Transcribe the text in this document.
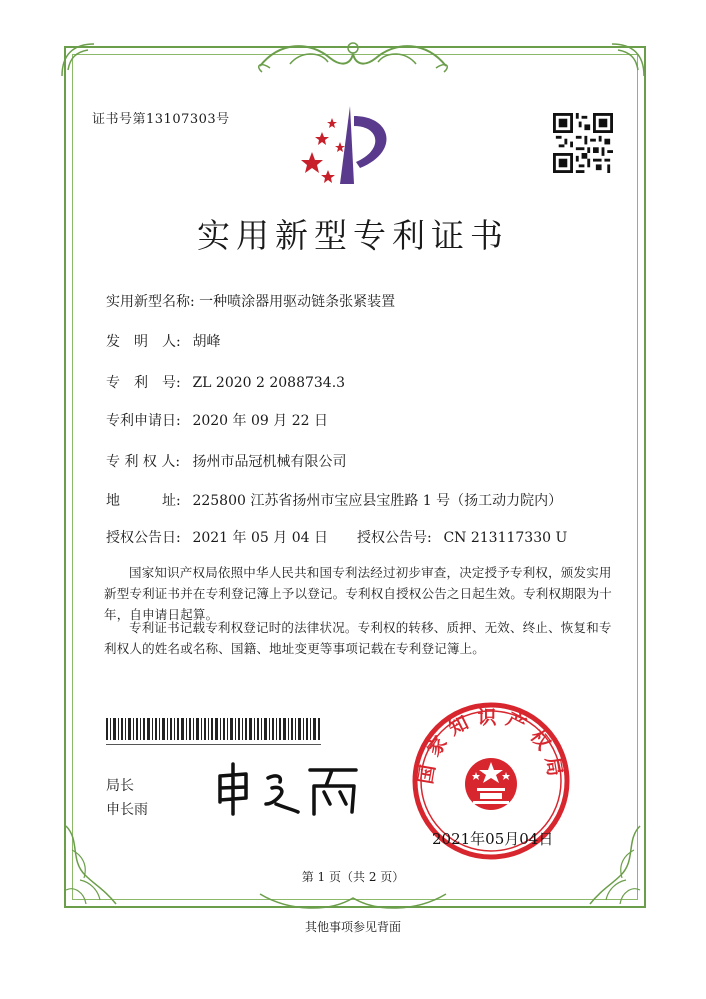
证书号第13107303号
实用新型专利证书
实用新型名称: 一种喷涂器用驱动链条张紧装置
发　明　人: 胡峰
专　利　号: ZL 2020 2 2088734.3
专利申请日: 2020 年 09 月 22 日
专 利 权 人: 扬州市品冠机械有限公司
地　　　址: 225800 江苏省扬州市宝应县宝胜路 1 号（扬工动力院内）
授权公告日: 2021 年 05 月 04 日 授权公告号: CN 213117330 U
国家知识产权局依照中华人民共和国专利法经过初步审查，决定授予专利权，颁发实用新型专利证书并在专利登记簿上予以登记。专利权自授权公告之日起生效。专利权期限为十年，自申请日起算。
专利证书记载专利权登记时的法律状况。专利权的转移、质押、无效、终止、恢复和专利权人的姓名或名称、国籍、地址变更等事项记载在专利登记簿上。
局长
申长雨
国家知识产权局
2021年05月04日
第 1 页（共 2 页）
其他事项参见背面
